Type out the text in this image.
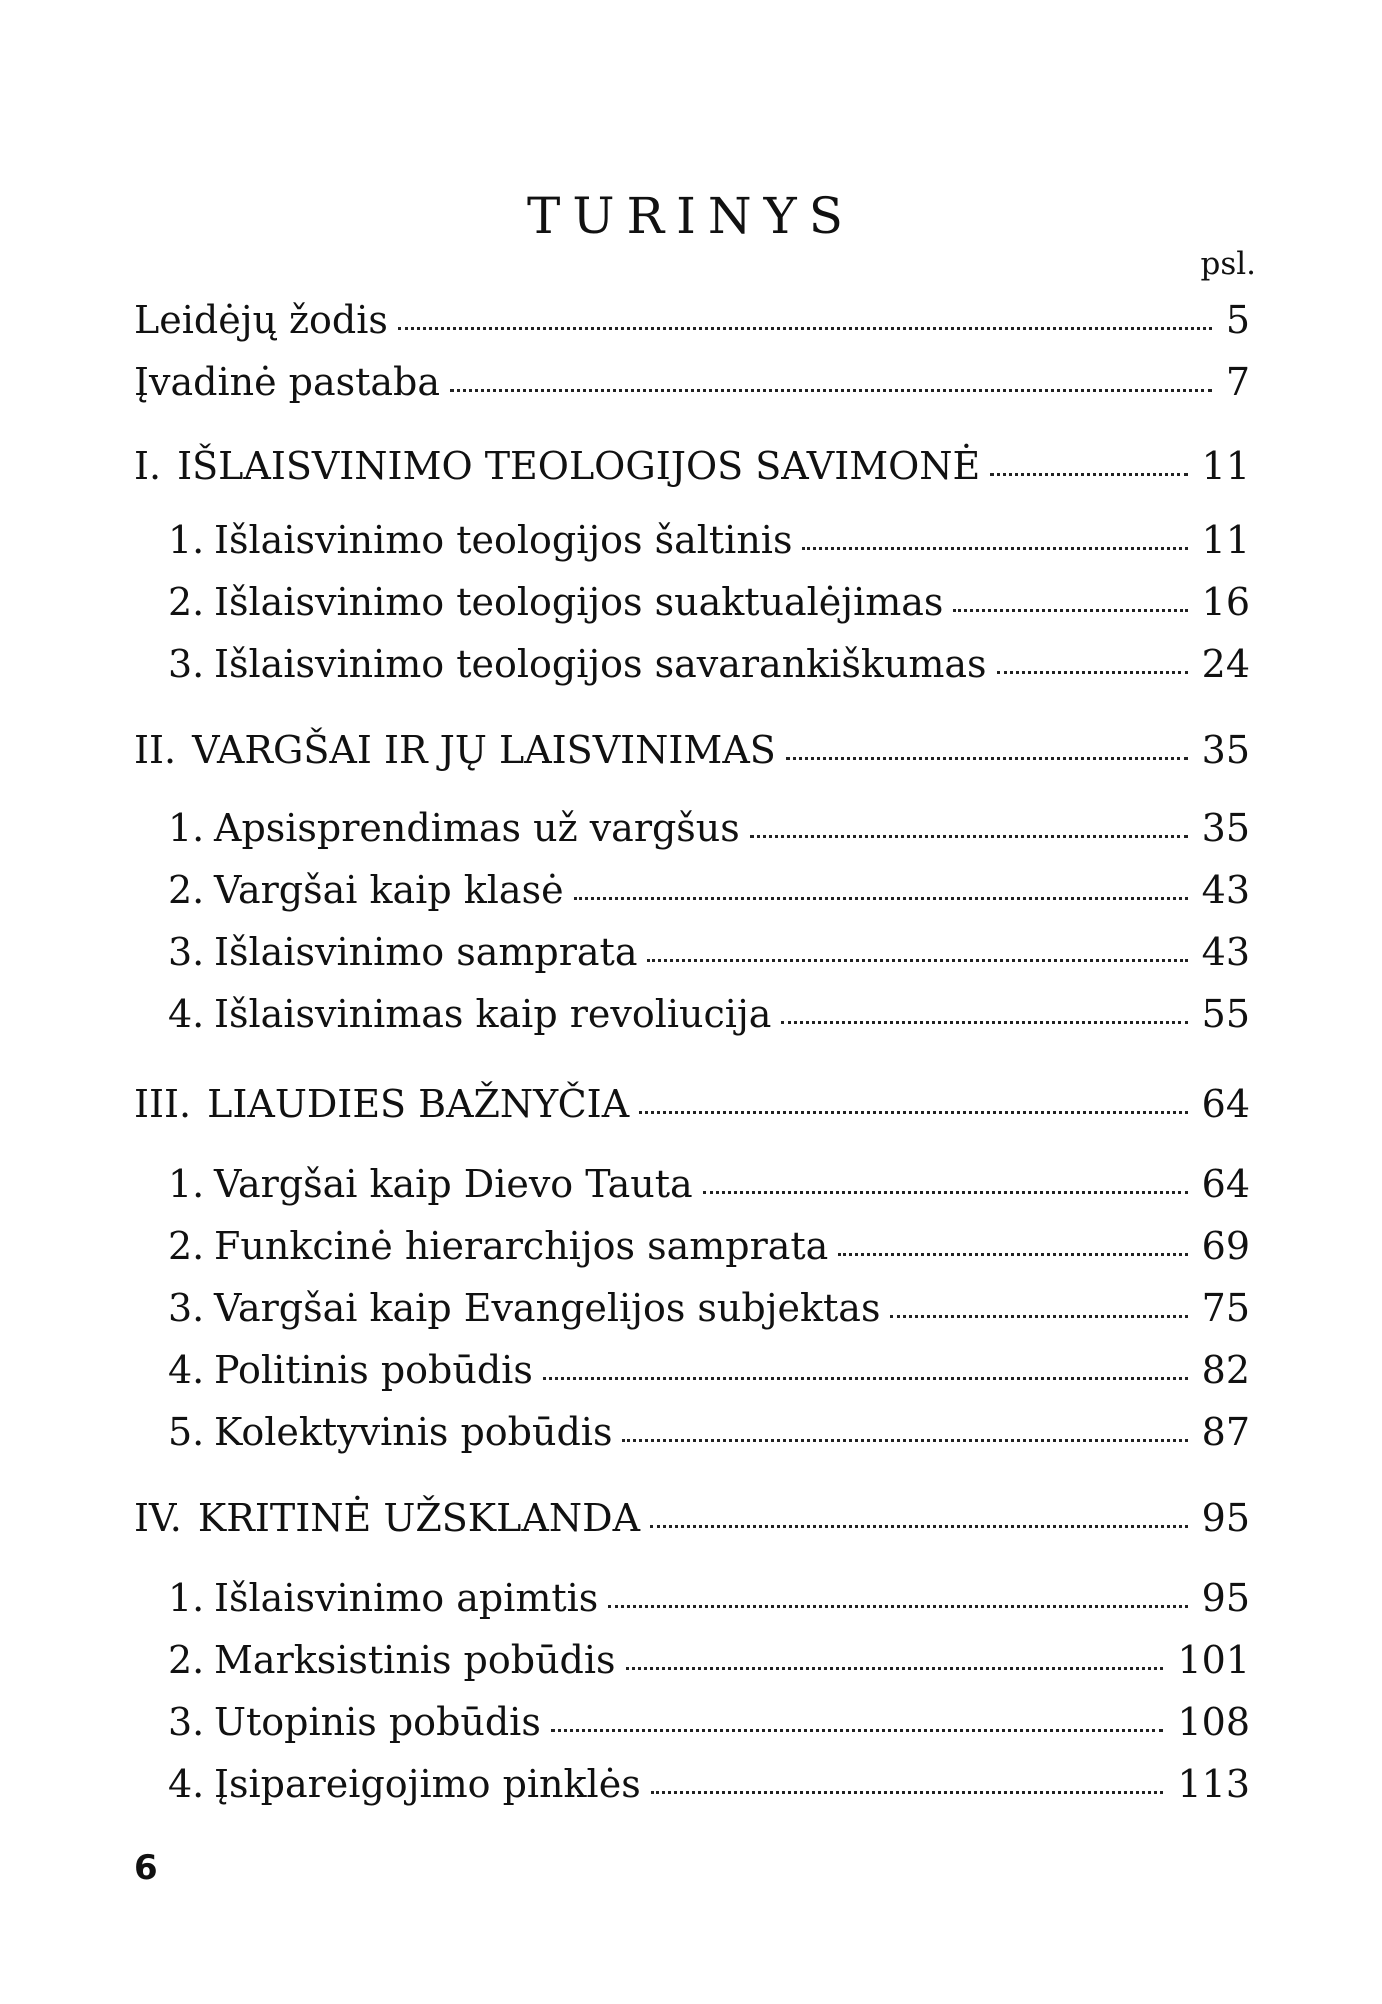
TURINYS
psl.
Leidėjų žodis	5
Įvadinė pastaba	7
I. IŠLAISVINIMO TEOLOGIJOS SAVIMONĖ	11
1. Išlaisvinimo teologijos šaltinis	11
2. Išlaisvinimo teologijos suaktualėjimas	16
3. Išlaisvinimo teologijos savarankiškumas	24
II. VARGŠAI IR JŲ LAISVINIMAS	35
1. Apsisprendimas už vargšus	35
2. Vargšai kaip klasė	43
3. Išlaisvinimo samprata	43
4. Išlaisvinimas kaip revoliucija	55
III. LIAUDIES BAŽNYČIA	64
1. Vargšai kaip Dievo Tauta	64
2. Funkcinė hierarchijos samprata	69
3. Vargšai kaip Evangelijos subjektas	75
4. Politinis pobūdis	82
5. Kolektyvinis pobūdis	87
IV. KRITINĖ UŽSKLANDA	95
1. Išlaisvinimo apimtis	95
2. Marksistinis pobūdis	101
3. Utopinis pobūdis	108
4. Įsipareigojimo pinklės	113
6
